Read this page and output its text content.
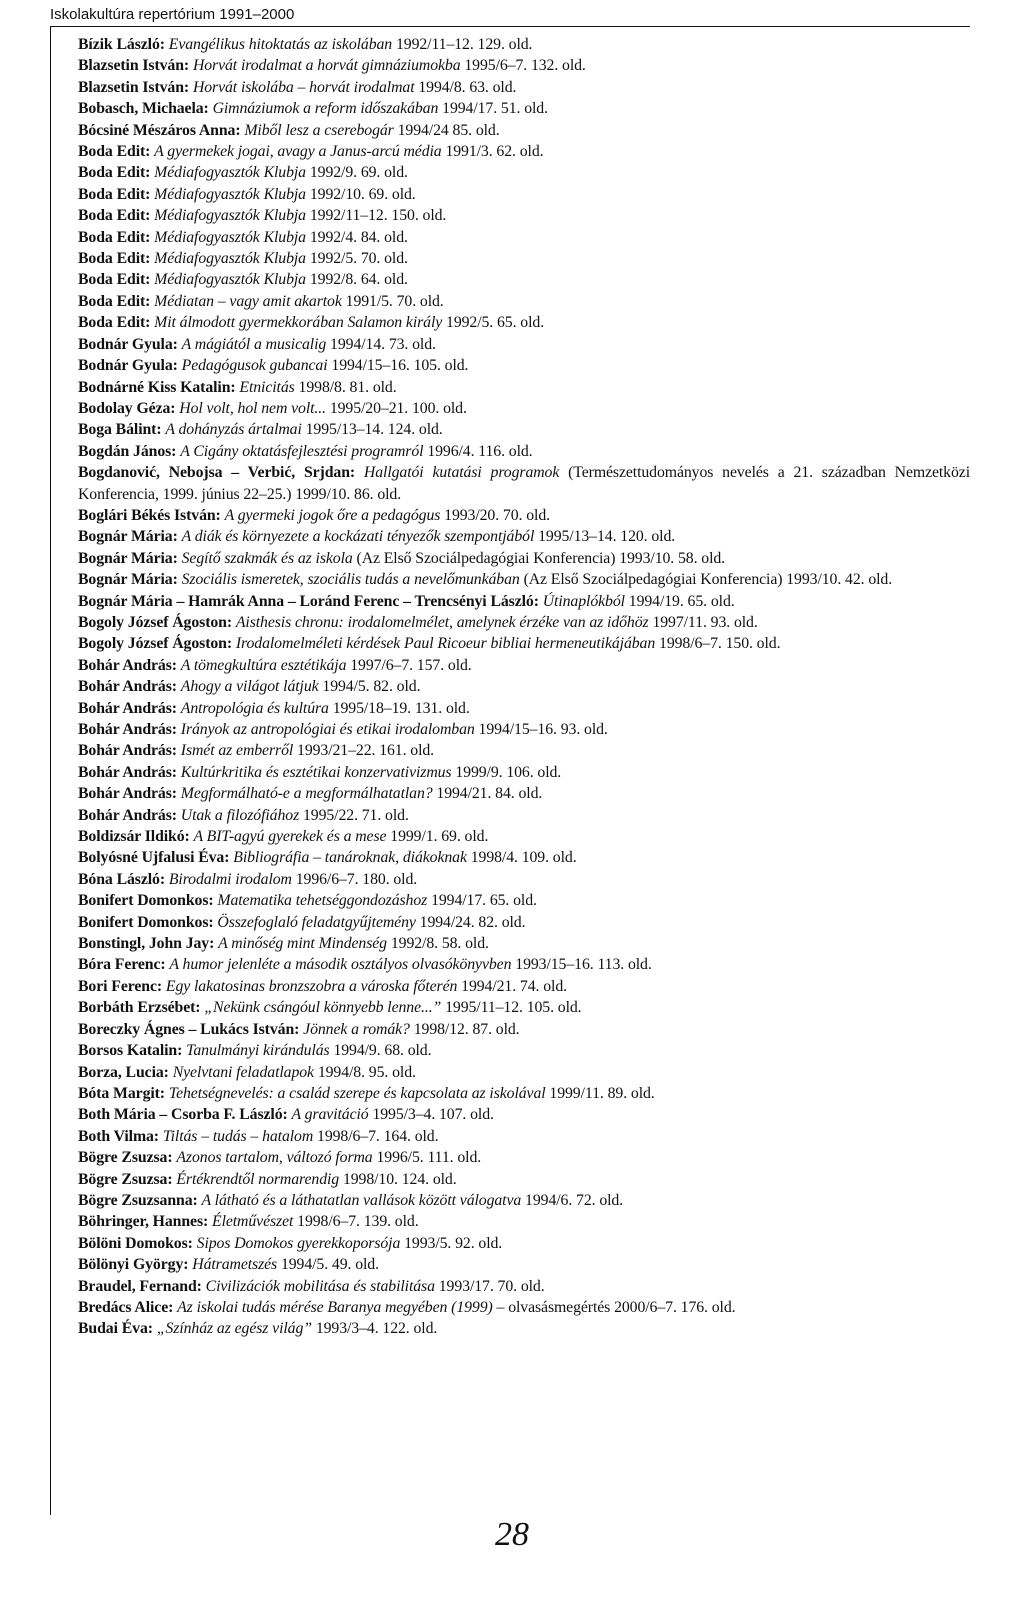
Iskolakultúra repertórium 1991–2000
Bízik László: Evangélikus hitoktatás az iskolában 1992/11–12. 129. old.
Blazsetin István: Horvát irodalmat a horvát gimnáziumokba 1995/6–7. 132. old.
Blazsetin István: Horvát iskolába – horvát irodalmat 1994/8. 63. old.
Bobasch, Michaela: Gimnáziumok a reform időszakában 1994/17. 51. old.
Bócsiné Mészáros Anna: Miből lesz a cserebogár 1994/24 85. old.
Boda Edit: A gyermekek jogai, avagy a Janus-arcú média 1991/3. 62. old.
Boda Edit: Médiafogyasztók Klubja 1992/9. 69. old.
Boda Edit: Médiafogyasztók Klubja 1992/10. 69. old.
Boda Edit: Médiafogyasztók Klubja 1992/11–12. 150. old.
Boda Edit: Médiafogyasztók Klubja 1992/4. 84. old.
Boda Edit: Médiafogyasztók Klubja 1992/5. 70. old.
Boda Edit: Médiafogyasztók Klubja 1992/8. 64. old.
Boda Edit: Médiatan – vagy amit akartok 1991/5. 70. old.
Boda Edit: Mit álmodott gyermekkorában Salamon király 1992/5. 65. old.
Bodnár Gyula: A mágiától a musicalig 1994/14. 73. old.
Bodnár Gyula: Pedagógusok gubancai 1994/15–16. 105. old.
Bodnárné Kiss Katalin: Etnicitás 1998/8. 81. old.
Bodolay Géza: Hol volt, hol nem volt... 1995/20–21. 100. old.
Boga Bálint: A dohányzás ártalmai 1995/13–14. 124. old.
Bogdán János: A Cigány oktatásfejlesztési programról 1996/4. 116. old.
Bogdanović, Nebojsa – Verbić, Srjdan: Hallgatói kutatási programok (Természettudományos nevelés a 21. században Nemzetközi Konferencia, 1999. június 22–25.) 1999/10. 86. old.
Boglári Békés István: A gyermeki jogok őre a pedagógus 1993/20. 70. old.
Bognár Mária: A diák és környezete a kockázati tényezők szempontjából 1995/13–14. 120. old.
Bognár Mária: Segítő szakmák és az iskola (Az Első Szociálpedagógiai Konferencia) 1993/10. 58. old.
Bognár Mária: Szociális ismeretek, szociális tudás a nevelőmunkában (Az Első Szociálpedagógiai Konferencia) 1993/10. 42. old.
Bognár Mária – Hamrák Anna – Loránd Ferenc – Trencsényi László: Útinaplókból 1994/19. 65. old.
Bogoly József Ágoston: Aisthesis chronu: irodalomelmélet, amelynek érzéke van az időhöz 1997/11. 93. old.
Bogoly József Ágoston: Irodalomelméleti kérdések Paul Ricoeur bibliai hermeneutikájában 1998/6–7. 150. old.
Bohár András: A tömegkultúra esztétikája 1997/6–7. 157. old.
Bohár András: Ahogy a világot látjuk 1994/5. 82. old.
Bohár András: Antropológia és kultúra 1995/18–19. 131. old.
Bohár András: Irányok az antropológiai és etikai irodalomban 1994/15–16. 93. old.
Bohár András: Ismét az emberről 1993/21–22. 161. old.
Bohár András: Kultúrkritika és esztétikai konzervativizmus 1999/9. 106. old.
Bohár András: Megformálható-e a megformálhatatlan? 1994/21. 84. old.
Bohár András: Utak a filozófiához 1995/22. 71. old.
Boldizsár Ildikó: A BIT-agyú gyerekek és a mese 1999/1. 69. old.
Bolyósné Ujfalusi Éva: Bibliográfia – tanároknak, diákoknak 1998/4. 109. old.
Bóna László: Birodalmi irodalom 1996/6–7. 180. old.
Bonifert Domonkos: Matematika tehetséggondozáshoz 1994/17. 65. old.
Bonifert Domonkos: Összefoglaló feladatgyűjtemény 1994/24. 82. old.
Bonstingl, John Jay: A minőség mint Mindenség 1992/8. 58. old.
Bóra Ferenc: A humor jelenléte a második osztályos olvasókönyvben 1993/15–16. 113. old.
Bori Ferenc: Egy lakatosinas bronzszobra a városka főterén 1994/21. 74. old.
Borbáth Erzsébet: „Nekünk csángóul könnyebb lenne...” 1995/11–12. 105. old.
Boreczky Ágnes – Lukács István: Jönnek a romák? 1998/12. 87. old.
Borsos Katalin: Tanulmányi kirándulás 1994/9. 68. old.
Borza, Lucia: Nyelvtani feladatlapok 1994/8. 95. old.
Bóta Margit: Tehetségnevelés: a család szerepe és kapcsolata az iskolával 1999/11. 89. old.
Both Mária – Csorba F. László: A gravitáció 1995/3–4. 107. old.
Both Vilma: Tiltás – tudás – hatalom 1998/6–7. 164. old.
Bögre Zsuzsa: Azonos tartalom, változó forma 1996/5. 111. old.
Bögre Zsuzsa: Értékrendtől normarendig 1998/10. 124. old.
Bögre Zsuzsanna: A látható és a láthatatlan vallások között válogatva 1994/6. 72. old.
Böhringer, Hannes: Életművészet 1998/6–7. 139. old.
Bölöni Domokos: Sipos Domokos gyerekkoporsója 1993/5. 92. old.
Bölönyi György: Hátrametszés 1994/5. 49. old.
Braudel, Fernand: Civilizációk mobilitása és stabilitása 1993/17. 70. old.
Bredács Alice: Az iskolai tudás mérése Baranya megyében (1999) – olvasásmegértés 2000/6–7. 176. old.
Budai Éva: „Színház az egész világ” 1993/3–4. 122. old.
28
